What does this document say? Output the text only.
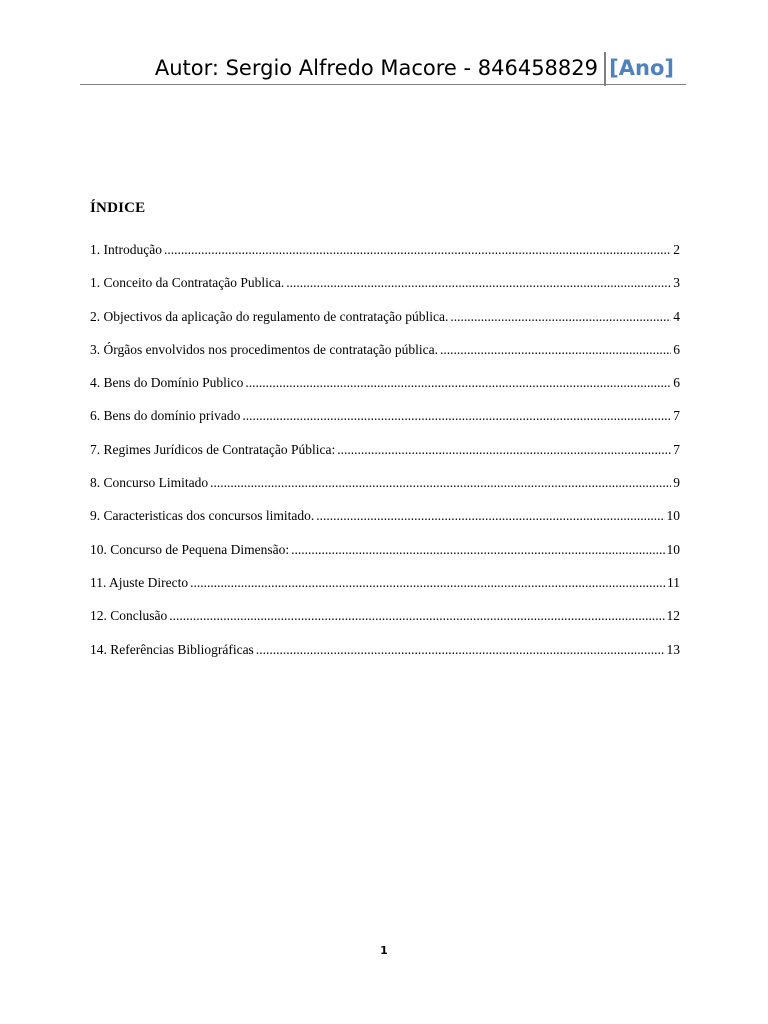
Autor: Sergio Alfredo Macore - 846458829 [Ano]
ÍNDICE
1. Introdução .....	2
1. Conceito da Contratação Publica. .....	3
2. Objectivos da aplicação do regulamento de contratação pública. .....	4
3. Órgãos envolvidos nos procedimentos de contratação pública. .....	6
4. Bens do Domínio Publico .....	6
6. Bens do domínio privado .....	7
7. Regimes Jurídicos de Contratação Pública: .....	7
8. Concurso Limitado .....	9
9. Caracteristicas dos concursos limitado. .....	10
10. Concurso de Pequena Dimensão: .....	10
11. Ajuste Directo .....	11
12. Conclusão .....	12
14. Referências Bibliográficas .....	13
1
